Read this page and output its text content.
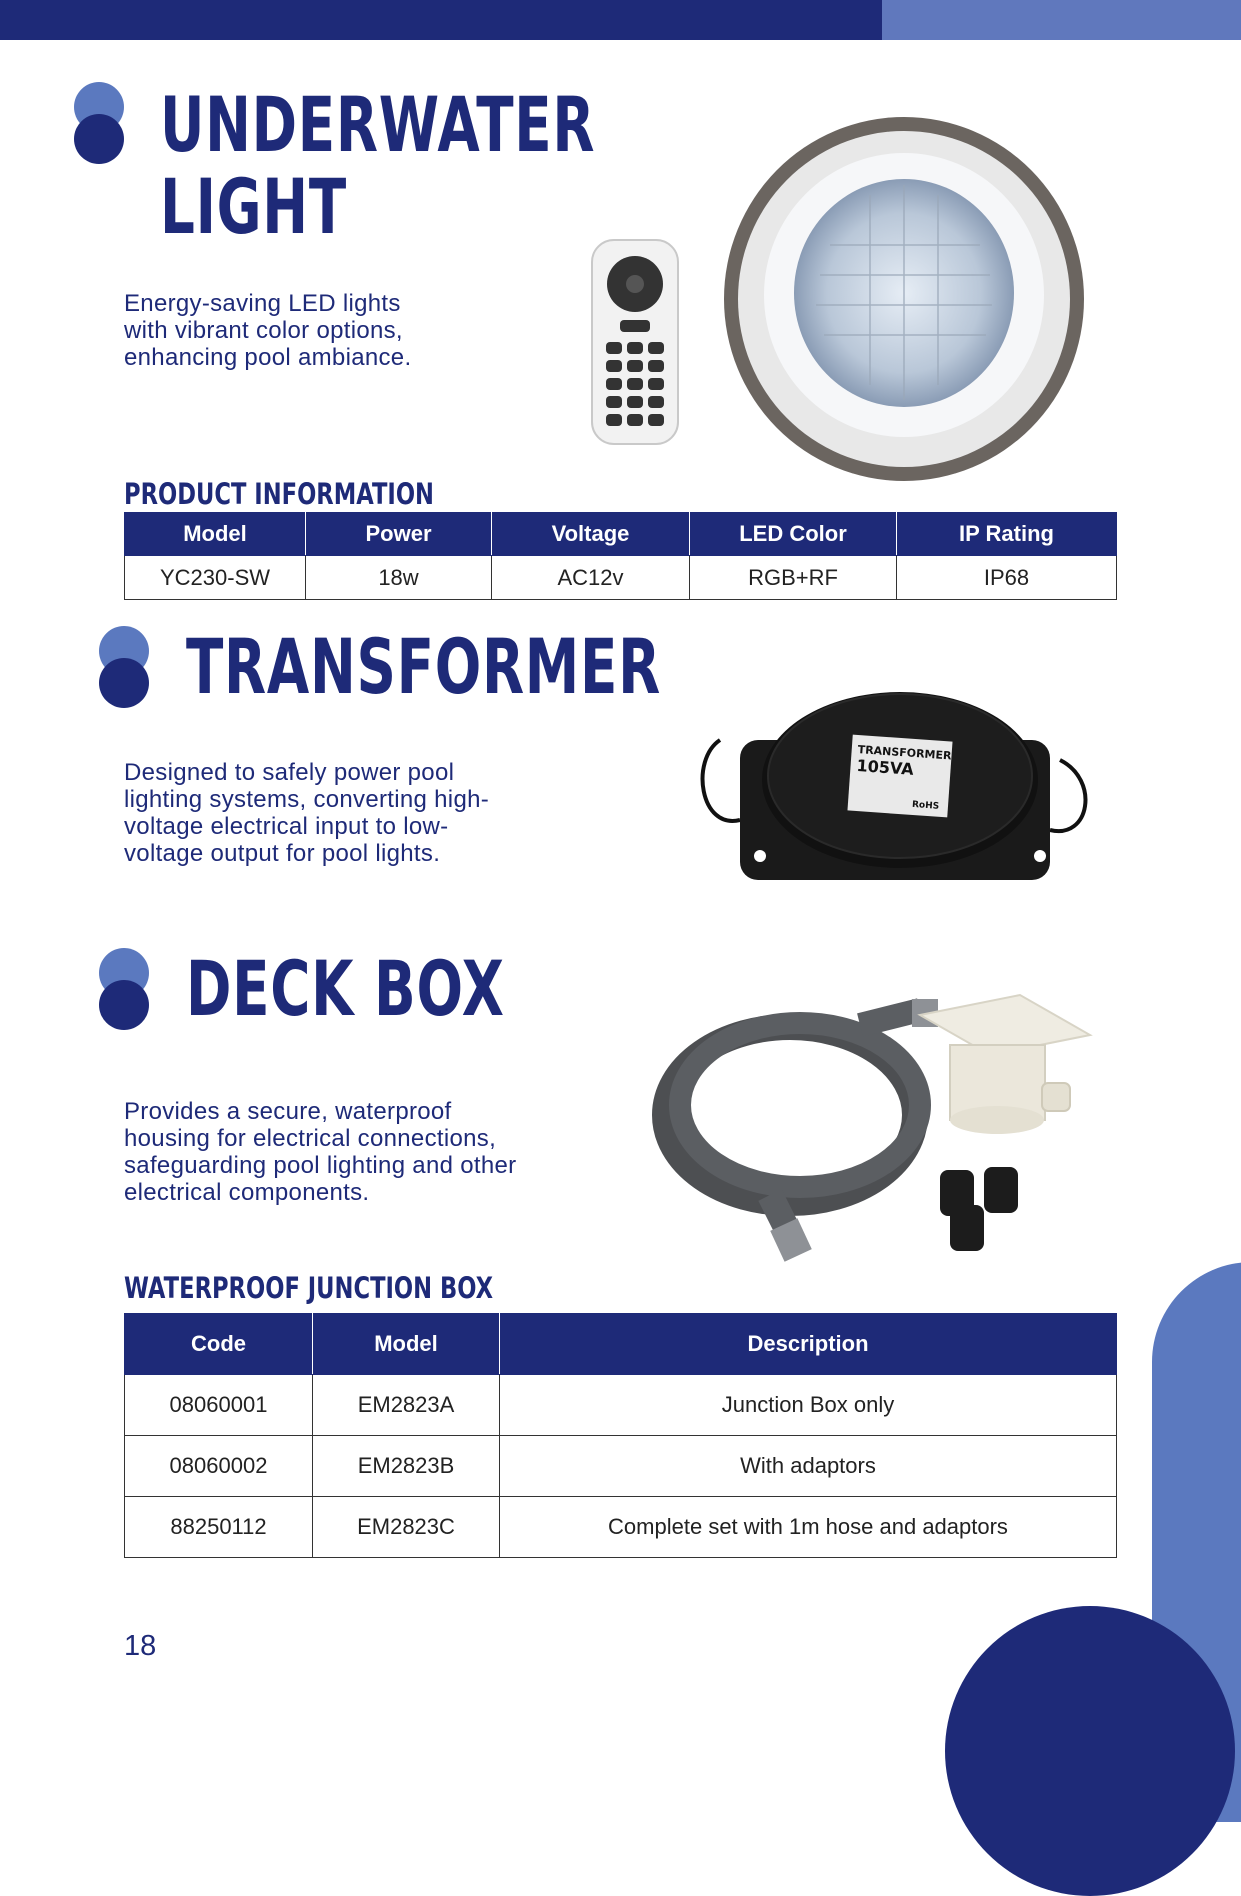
UNDERWATER
LIGHT

Energy-saving LED lights
with vibrant color options,
enhancing pool ambiance.

PRODUCT INFORMATION
Model	Power	Voltage	LED Color	IP Rating
YC230-SW	18w	AC12v	RGB+RF	IP68
TRANSFORMER

Designed to safely power pool
lighting systems, converting high-
voltage electrical input to low-
voltage output for pool lights.

TRANSFORMER
105VA
RoHS
DECK BOX

Provides a secure, waterproof
housing for electrical connections,
safeguarding pool lighting and other
electrical components.

WATERPROOF JUNCTION BOX
Code	Model	Description
08060001	EM2823A	Junction Box only
08060002	EM2823B	With adaptors
88250112	EM2823C	Complete set with 1m hose and adaptors
18
